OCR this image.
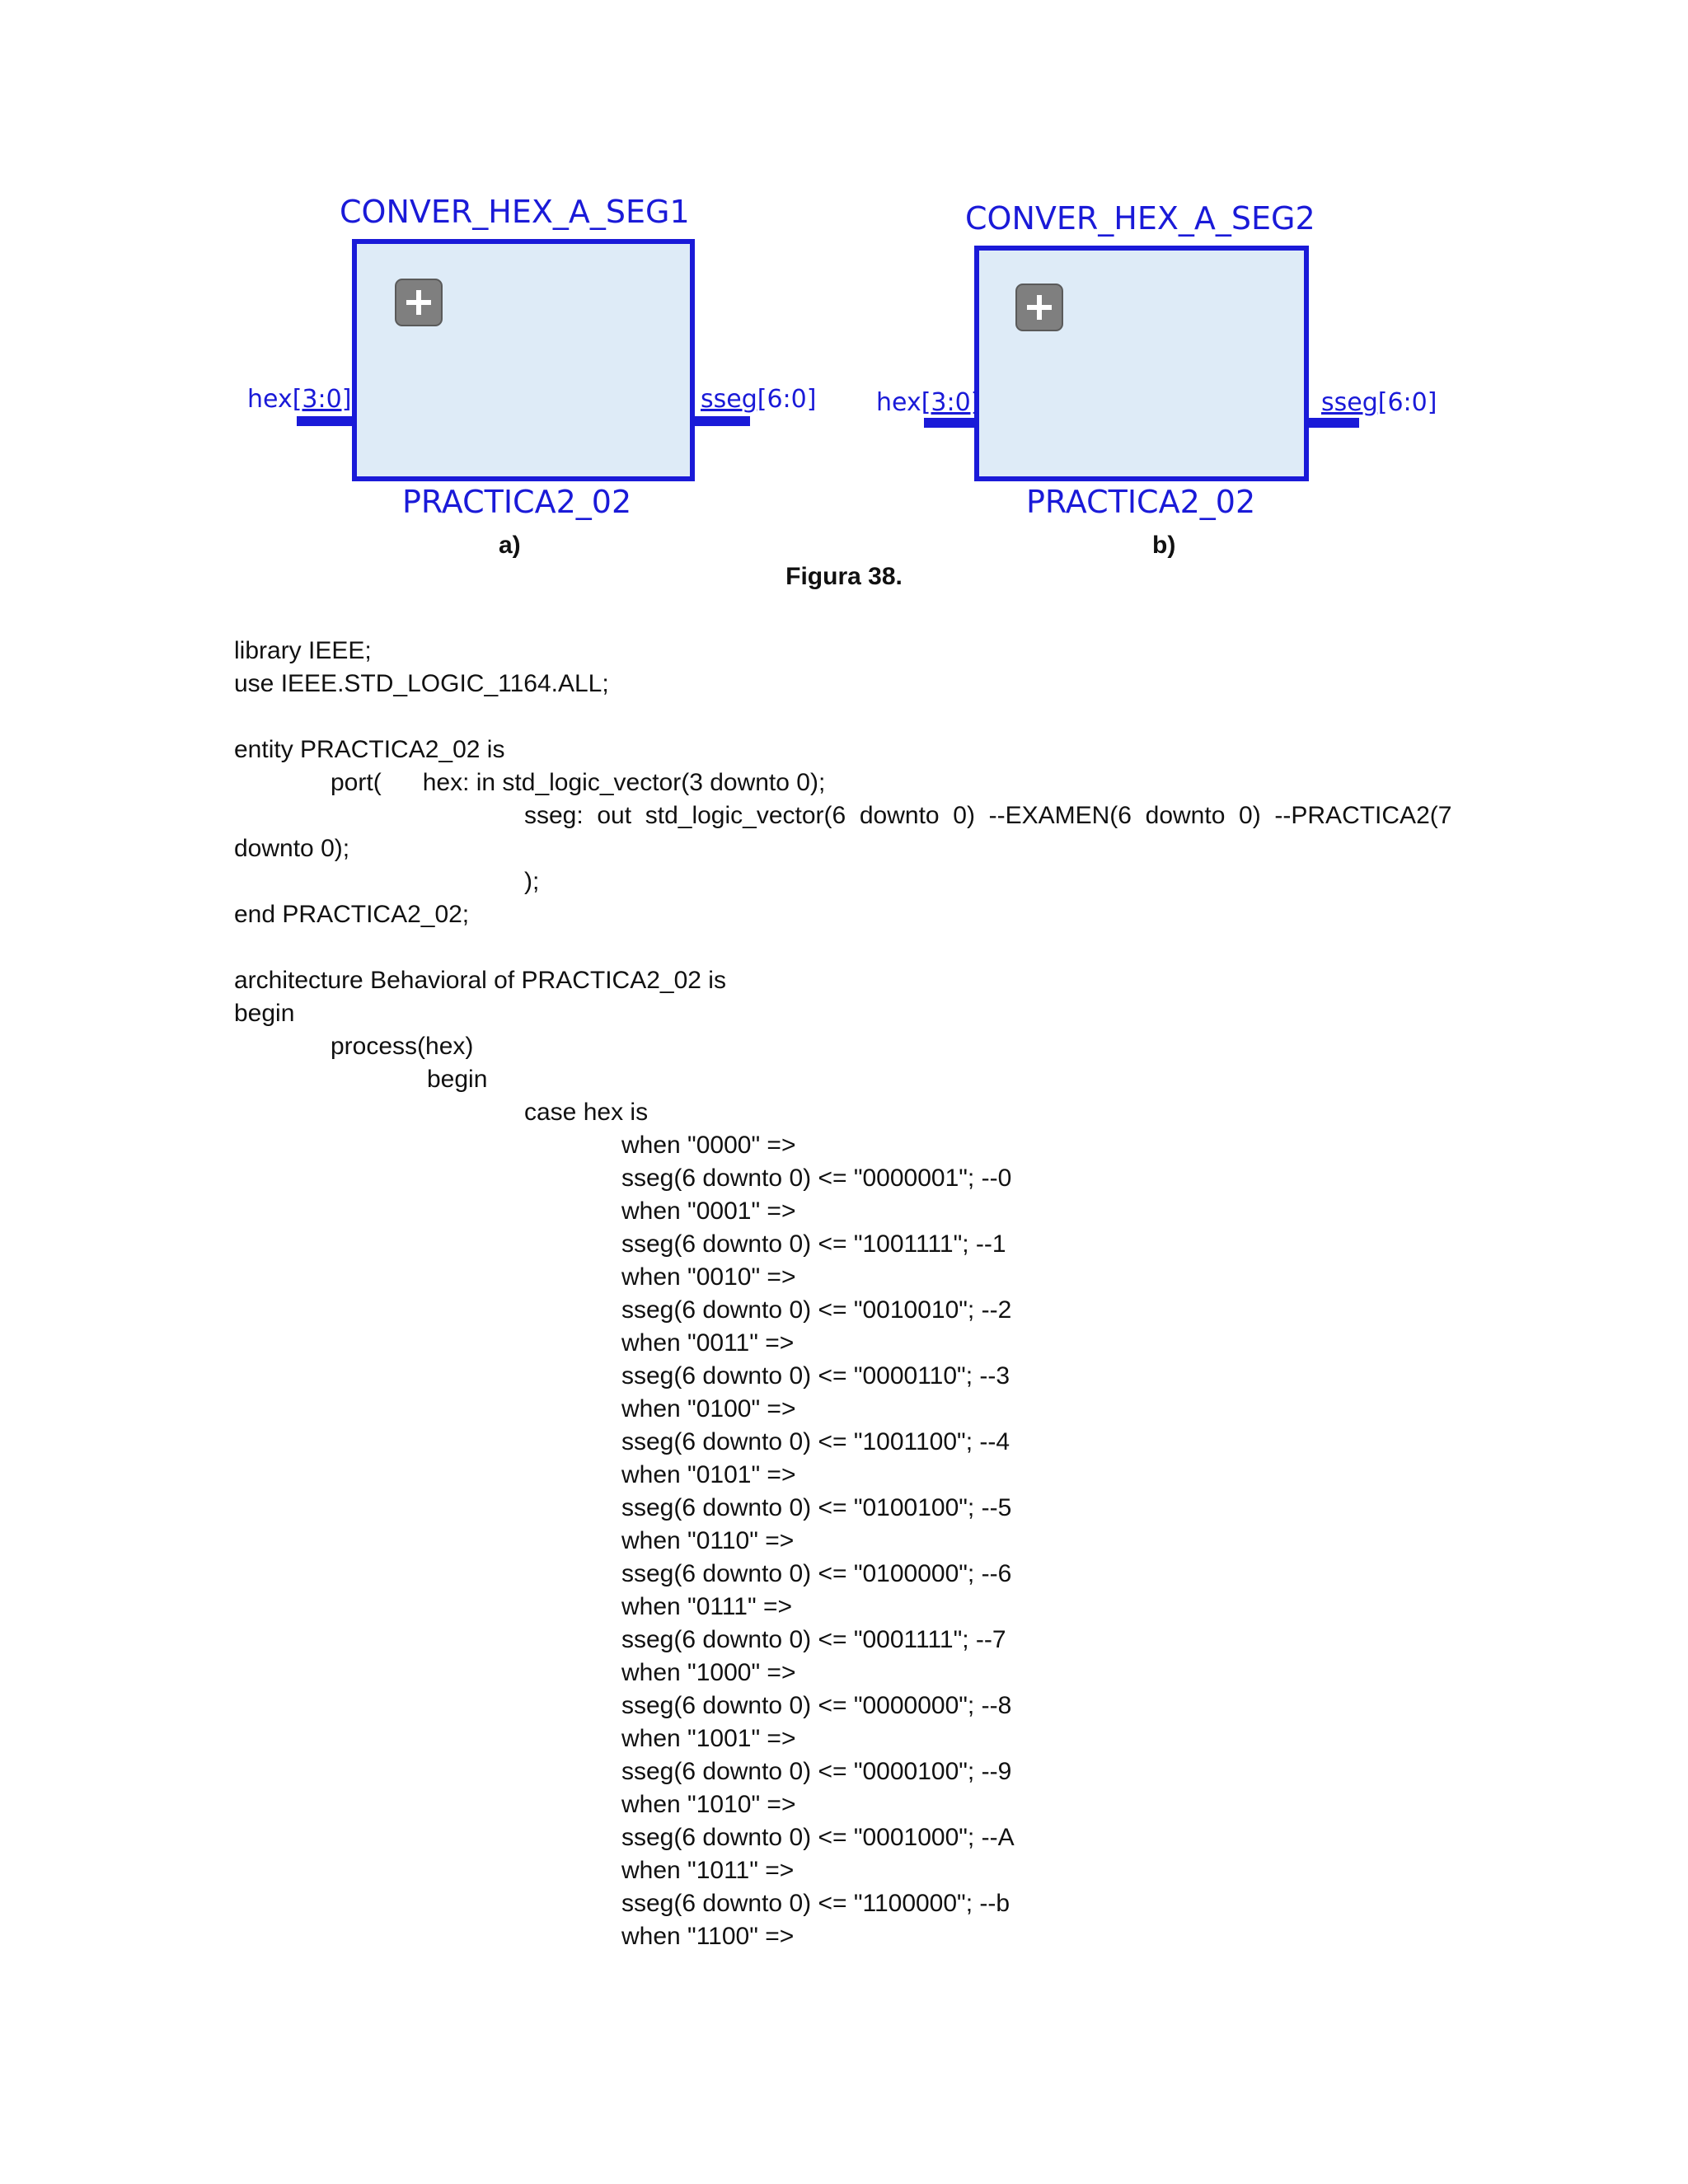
CONVER_HEX_A_SEG1
PRACTICA2_02
hex[3:0]	sseg[6:0]
a)
CONVER_HEX_A_SEG2
PRACTICA2_02
hex[3:0]	sseg[6:0]
b)
Figura 38.
library IEEE;
use IEEE.STD_LOGIC_1164.ALL;
entity PRACTICA2_02 is
port(      hex: in std_logic_vector(3 downto 0);
sseg:  out  std_logic_vector(6  downto  0)  --EXAMEN(6  downto  0)  --PRACTICA2(7
downto 0);
);
end PRACTICA2_02;
architecture Behavioral of PRACTICA2_02 is
begin
process(hex)
begin
case hex is
when "0000" =>
sseg(6 downto 0) <= "0000001"; --0
when "0001" =>
sseg(6 downto 0) <= "1001111"; --1
when "0010" =>
sseg(6 downto 0) <= "0010010"; --2
when "0011" =>
sseg(6 downto 0) <= "0000110"; --3
when "0100" =>
sseg(6 downto 0) <= "1001100"; --4
when "0101" =>
sseg(6 downto 0) <= "0100100"; --5
when "0110" =>
sseg(6 downto 0) <= "0100000"; --6
when "0111" =>
sseg(6 downto 0) <= "0001111"; --7
when "1000" =>
sseg(6 downto 0) <= "0000000"; --8
when "1001" =>
sseg(6 downto 0) <= "0000100"; --9
when "1010" =>
sseg(6 downto 0) <= "0001000"; --A
when "1011" =>
sseg(6 downto 0) <= "1100000"; --b
when "1100" =>
